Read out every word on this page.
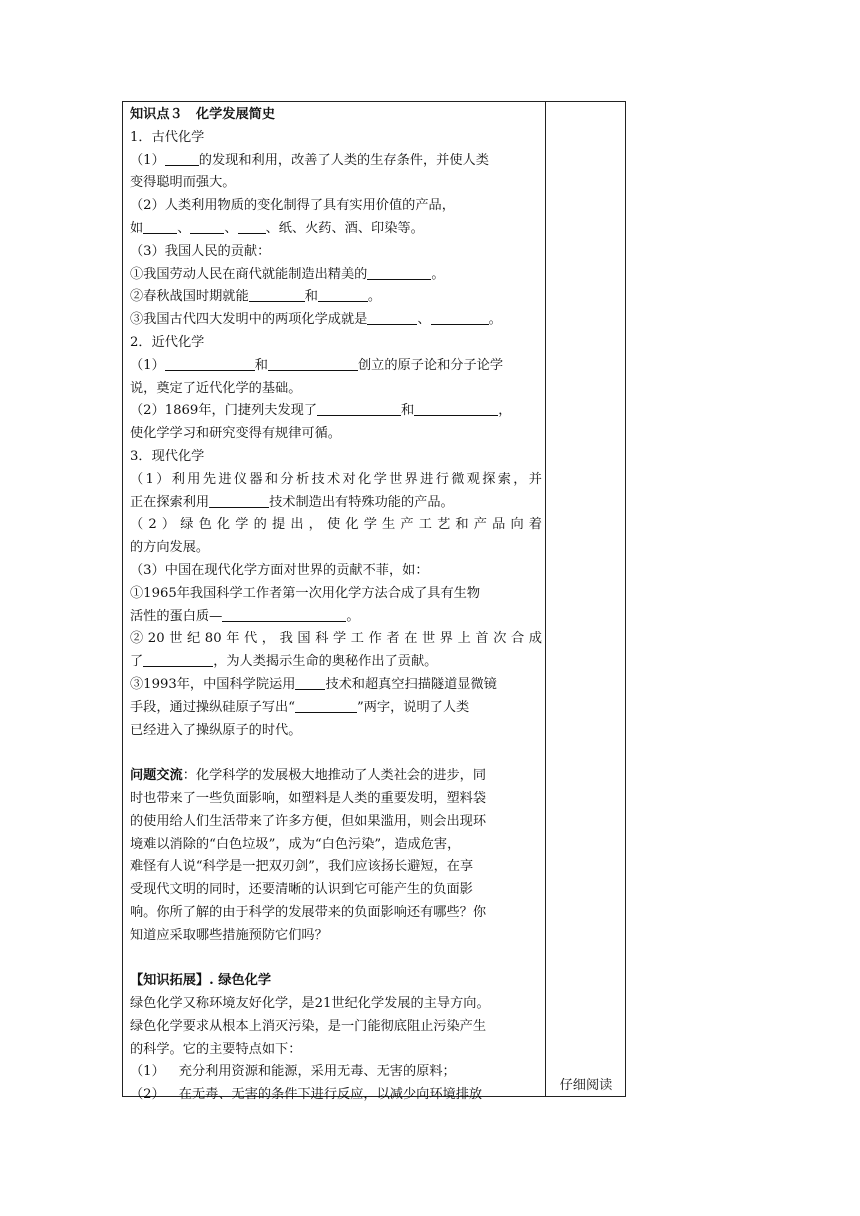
知识点３　化学发展简史
1．古代化学
（1）	的发现和利用，改善了人类的生存条件，并使人类
变得聪明而强大。
（2）人类利用物质的变化制得了具有实用价值的产品，
如	、	、 、纸、火药、酒、印染等。
（3）我国人民的贡献：
①我国劳动人民在商代就能制造出精美的	。
②春秋战国时期就能	和	。
③我国古代四大发明中的两项化学成就是	、	。
2．近代化学
（1）	和	创立的原子论和分子论学
说，奠定了近代化学的基础。
（2）1869年，门捷列夫发现了	和	，
使化学学习和研究变得有规律可循。
3．现代化学
（1）利用先进仪器和分析技术对化学世界进行微观探索，并
正在探索利用	技术制造出有特殊功能的产品。
（2）绿色化学的提出，使化学生产工艺和产品向着
的方向发展。
（3）中国在现代化学方面对世界的贡献不菲，如：
①1965年我国科学工作者第一次用化学方法合成了具有生物
活性的蛋白质—	。
②20世纪80年代，我国科学工作者在世界上首次合成
了	，为人类揭示生命的奥秘作出了贡献。
③1993年，中国科学院运用 技术和超真空扫描隧道显微镜
手段，通过操纵硅原子写出“	”两字，说明了人类
已经进入了操纵原子的时代。
问题交流：化学科学的发展极大地推动了人类社会的进步，同
时也带来了一些负面影响，如塑料是人类的重要发明，塑料袋
的使用给人们生活带来了许多方便，但如果滥用，则会出现环
境难以消除的“白色垃圾”，成为“白色污染”，造成危害，
难怪有人说“科学是一把双刃剑”，我们应该扬长避短，在享
受现代文明的同时，还要清晰的认识到它可能产生的负面影
响。你所了解的由于科学的发展带来的负面影响还有哪些？你
知道应采取哪些措施预防它们吗？
【知识拓展】. 绿色化学
绿色化学又称环境友好化学，是21世纪化学发展的主导方向。
绿色化学要求从根本上消灭污染，是一门能彻底阻止污染产生
的科学。它的主要特点如下：
（1） 充分利用资源和能源，采用无毒、无害的原料；
（2） 在无毒、无害的条件下进行反应，以减少向环境排放
仔细阅读
